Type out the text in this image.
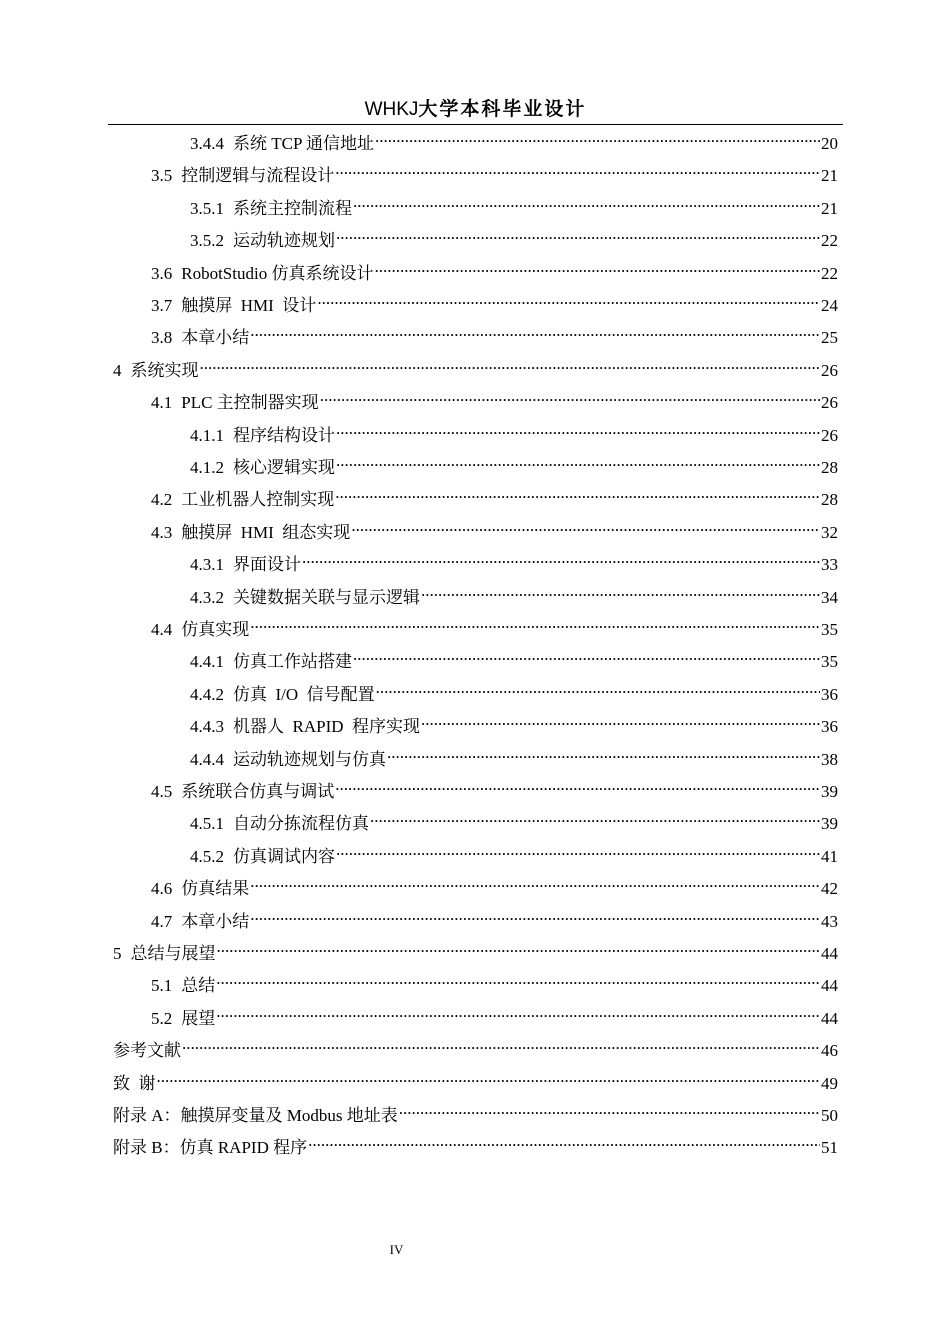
WHKJ大学本科毕业设计
3.4.4 系统 TCP 通信地址 .....	20
3.5 控制逻辑与流程设计 .....	21
3.5.1 系统主控制流程 .....	21
3.5.2 运动轨迹规划 .....	22
3.6 RobotStudio 仿真系统设计 .....	22
3.7 触摸屏  HMI  设计 .....	24
3.8 本章小结 .....	25
4 系统实现 .....	26
4.1 PLC 主控制器实现 .....	26
4.1.1 程序结构设计 .....	26
4.1.2 核心逻辑实现 .....	28
4.2 工业机器人控制实现 .....	28
4.3 触摸屏  HMI  组态实现 .....	32
4.3.1 界面设计 .....	33
4.3.2 关键数据关联与显示逻辑 .....	34
4.4 仿真实现 .....	35
4.4.1 仿真工作站搭建 .....	35
4.4.2 仿真  I/O  信号配置 .....	36
4.4.3 机器人  RAPID  程序实现 .....	36
4.4.4 运动轨迹规划与仿真 .....	38
4.5 系统联合仿真与调试 .....	39
4.5.1 自动分拣流程仿真 .....	39
4.5.2 仿真调试内容 .....	41
4.6 仿真结果 .....	42
4.7 本章小结 .....	43
5 总结与展望 .....	44
5.1 总结 .....	44
5.2 展望 .....	44
参考文献 .....	46
致  谢 .....	49
附录 A：触摸屏变量及 Modbus 地址表 .....	50
附录 B：仿真 RAPID 程序 .....	51
IV
